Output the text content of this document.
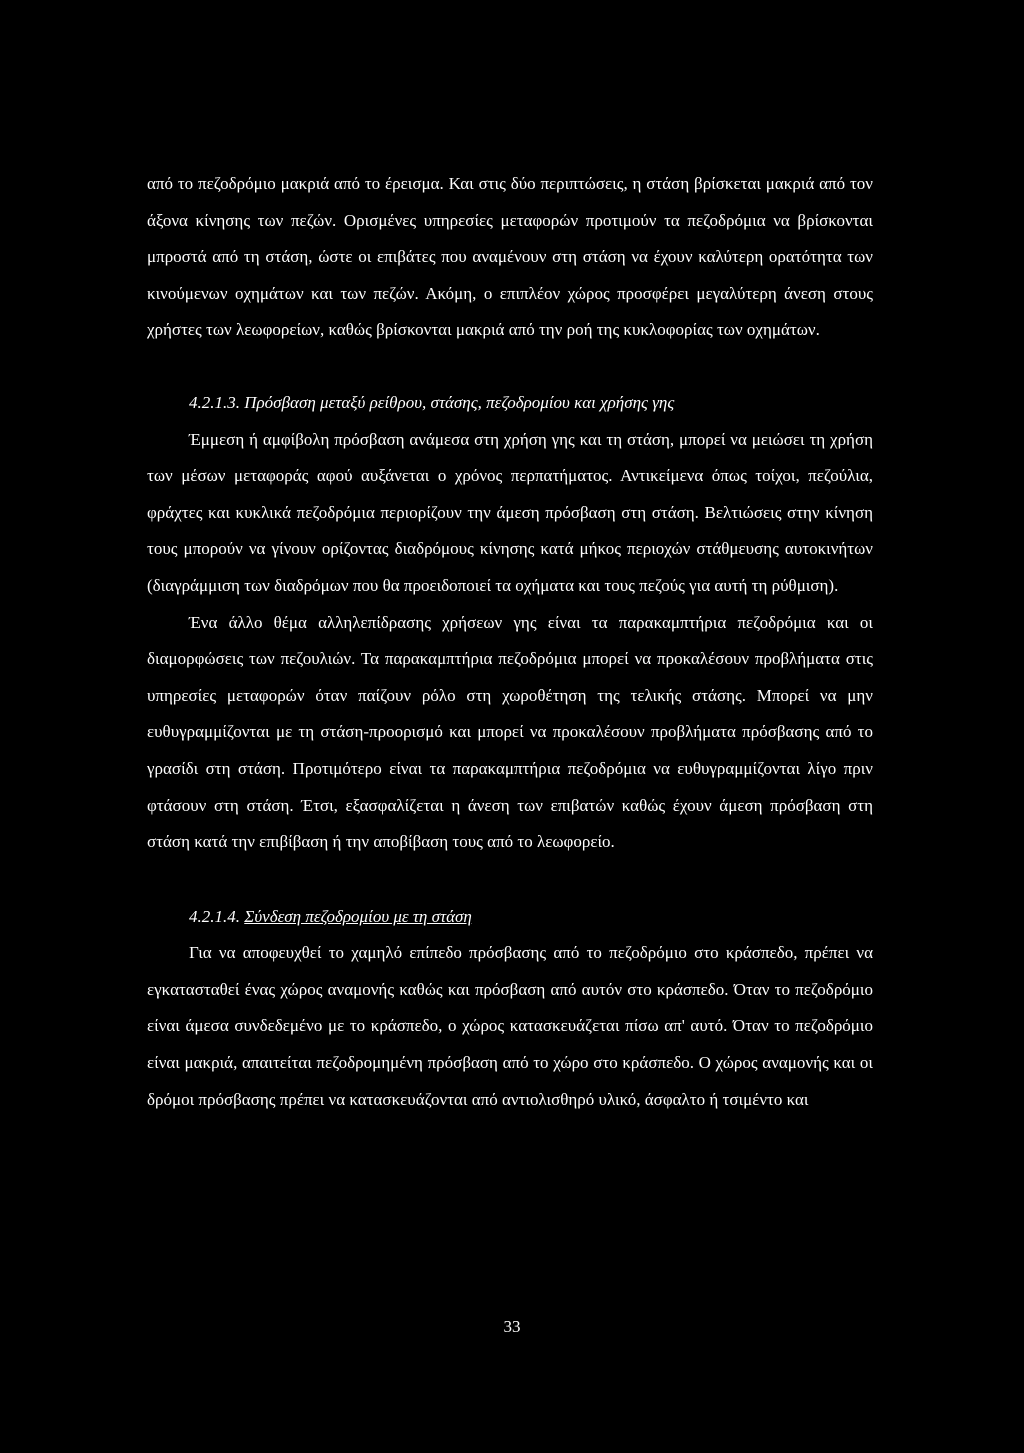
από το πεζοδρόμιο μακριά από το έρεισμα. Και στις δύο περιπτώσεις, η στάση βρίσκεται μακριά από τον άξονα κίνησης των πεζών. Ορισμένες υπηρεσίες μεταφορών προτιμούν τα πεζοδρόμια να βρίσκονται μπροστά από τη στάση, ώστε οι επιβάτες που αναμένουν στη στάση να έχουν καλύτερη ορατότητα των κινούμενων οχημάτων και των πεζών. Ακόμη, ο επιπλέον χώρος προσφέρει μεγαλύτερη άνεση στους χρήστες των λεωφορείων, καθώς βρίσκονται μακριά από την ροή της κυκλοφορίας των οχημάτων.

4.2.1.3. Πρόσβαση μεταξύ ρείθρου, στάσης, πεζοδρομίου και χρήσης γης

Έμμεση ή αμφίβολη πρόσβαση ανάμεσα στη χρήση γης και τη στάση, μπορεί να μειώσει τη χρήση των μέσων μεταφοράς αφού αυξάνεται ο χρόνος περπατήματος. Αντικείμενα όπως τοίχοι, πεζούλια, φράχτες και κυκλικά πεζοδρόμια περιορίζουν την άμεση πρόσβαση στη στάση. Βελτιώσεις στην κίνηση τους μπορούν να γίνουν ορίζοντας διαδρόμους κίνησης κατά μήκος περιοχών στάθμευσης αυτοκινήτων (διαγράμμιση των διαδρόμων που θα προειδοποιεί τα οχήματα και τους πεζούς για αυτή τη ρύθμιση).

Ένα άλλο θέμα αλληλεπίδρασης χρήσεων γης είναι τα παρακαμπτήρια πεζοδρόμια και οι διαμορφώσεις των πεζουλιών. Τα παρακαμπτήρια πεζοδρόμια μπορεί να προκαλέσουν προβλήματα στις υπηρεσίες μεταφορών όταν παίζουν ρόλο στη χωροθέτηση της τελικής στάσης. Μπορεί να μην ευθυγραμμίζονται με τη στάση-προορισμό και μπορεί να προκαλέσουν προβλήματα πρόσβασης από το γρασίδι στη στάση. Προτιμότερο είναι τα παρακαμπτήρια πεζοδρόμια να ευθυγραμμίζονται λίγο πριν φτάσουν στη στάση. Έτσι, εξασφαλίζεται η άνεση των επιβατών καθώς έχουν άμεση πρόσβαση στη στάση κατά την επιβίβαση ή την αποβίβαση τους από το λεωφορείο.

4.2.1.4. Σύνδεση πεζοδρομίου με τη στάση

Για να αποφευχθεί το χαμηλό επίπεδο πρόσβασης από το πεζοδρόμιο στο κράσπεδο, πρέπει να εγκατασταθεί ένας χώρος αναμονής καθώς και πρόσβαση από αυτόν στο κράσπεδο. Όταν το πεζοδρόμιο είναι άμεσα συνδεδεμένο με το κράσπεδο, ο χώρος κατασκευάζεται πίσω απ' αυτό. Όταν το πεζοδρόμιο είναι μακριά, απαιτείται πεζοδρομημένη πρόσβαση από το χώρο στο κράσπεδο. Ο χώρος αναμονής και οι δρόμοι πρόσβασης πρέπει να κατασκευάζονται από αντιολισθηρό υλικό, άσφαλτο ή τσιμέντο και

33
